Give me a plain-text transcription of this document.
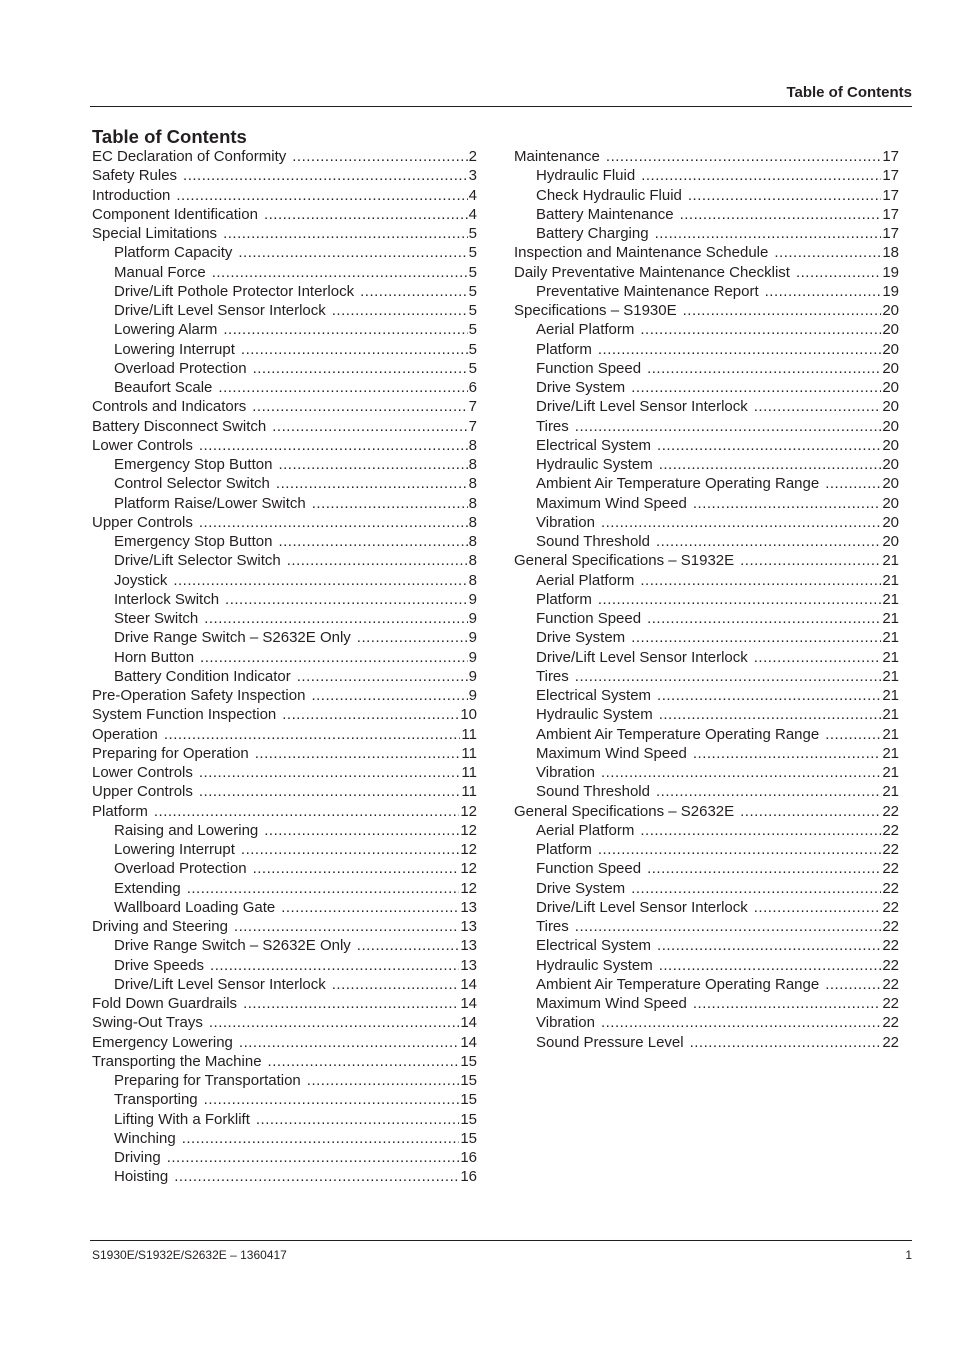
Table of Contents
Table of Contents
EC Declaration of Conformity .....	2
Safety Rules .....	3
Introduction .....	4
Component Identification .....	4
Special Limitations .....	5
Platform Capacity .....	5
Manual Force .....	5
Drive/Lift Pothole Protector Interlock .....	5
Drive/Lift Level Sensor Interlock .....	5
Lowering Alarm .....	5
Lowering Interrupt .....	5
Overload Protection .....	5
Beaufort Scale .....	6
Controls and Indicators .....	7
Battery Disconnect Switch .....	7
Lower Controls .....	8
Emergency Stop Button .....	8
Control Selector Switch .....	8
Platform Raise/Lower Switch .....	8
Upper Controls .....	8
Emergency Stop Button .....	8
Drive/Lift Selector Switch .....	8
Joystick .....	8
Interlock Switch .....	9
Steer Switch .....	9
Drive Range Switch – S2632E Only .....	9
Horn Button .....	9
Battery Condition Indicator .....	9
Pre-Operation Safety Inspection .....	9
System Function Inspection .....	10
Operation .....	11
Preparing for Operation .....	11
Lower Controls .....	11
Upper Controls .....	11
Platform .....	12
Raising and Lowering .....	12
Lowering Interrupt .....	12
Overload Protection .....	12
Extending .....	12
Wallboard Loading Gate .....	13
Driving and Steering .....	13
Drive Range Switch – S2632E Only .....	13
Drive Speeds .....	13
Drive/Lift Level Sensor Interlock .....	14
Fold Down Guardrails .....	14
Swing-Out Trays .....	14
Emergency Lowering .....	14
Transporting the Machine .....	15
Preparing for Transportation .....	15
Transporting .....	15
Lifting With a Forklift .....	15
Winching .....	15
Driving .....	16
Hoisting .....	16
Maintenance .....	17
Hydraulic Fluid .....	17
Check Hydraulic Fluid .....	17
Battery Maintenance .....	17
Battery Charging .....	17
Inspection and Maintenance Schedule .....	18
Daily Preventative Maintenance Checklist .....	19
Preventative Maintenance Report .....	19
Specifications – S1930E .....	20
Aerial Platform .....	20
Platform .....	20
Function Speed .....	20
Drive System .....	20
Drive/Lift Level Sensor Interlock .....	20
Tires .....	20
Electrical System .....	20
Hydraulic System .....	20
Ambient Air Temperature Operating Range .....	20
Maximum Wind Speed .....	20
Vibration .....	20
Sound Threshold .....	20
General Specifications – S1932E .....	21
Aerial Platform .....	21
Platform .....	21
Function Speed .....	21
Drive System .....	21
Drive/Lift Level Sensor Interlock .....	21
Tires .....	21
Electrical System .....	21
Hydraulic System .....	21
Ambient Air Temperature Operating Range .....	21
Maximum Wind Speed .....	21
Vibration .....	21
Sound Threshold .....	21
General Specifications – S2632E .....	22
Aerial Platform .....	22
Platform .....	22
Function Speed .....	22
Drive System .....	22
Drive/Lift Level Sensor Interlock .....	22
Tires .....	22
Electrical System .....	22
Hydraulic System .....	22
Ambient Air Temperature Operating Range .....	22
Maximum Wind Speed .....	22
Vibration .....	22
Sound Pressure Level .....	22
S1930E/S1932E/S2632E – 1360417	1
